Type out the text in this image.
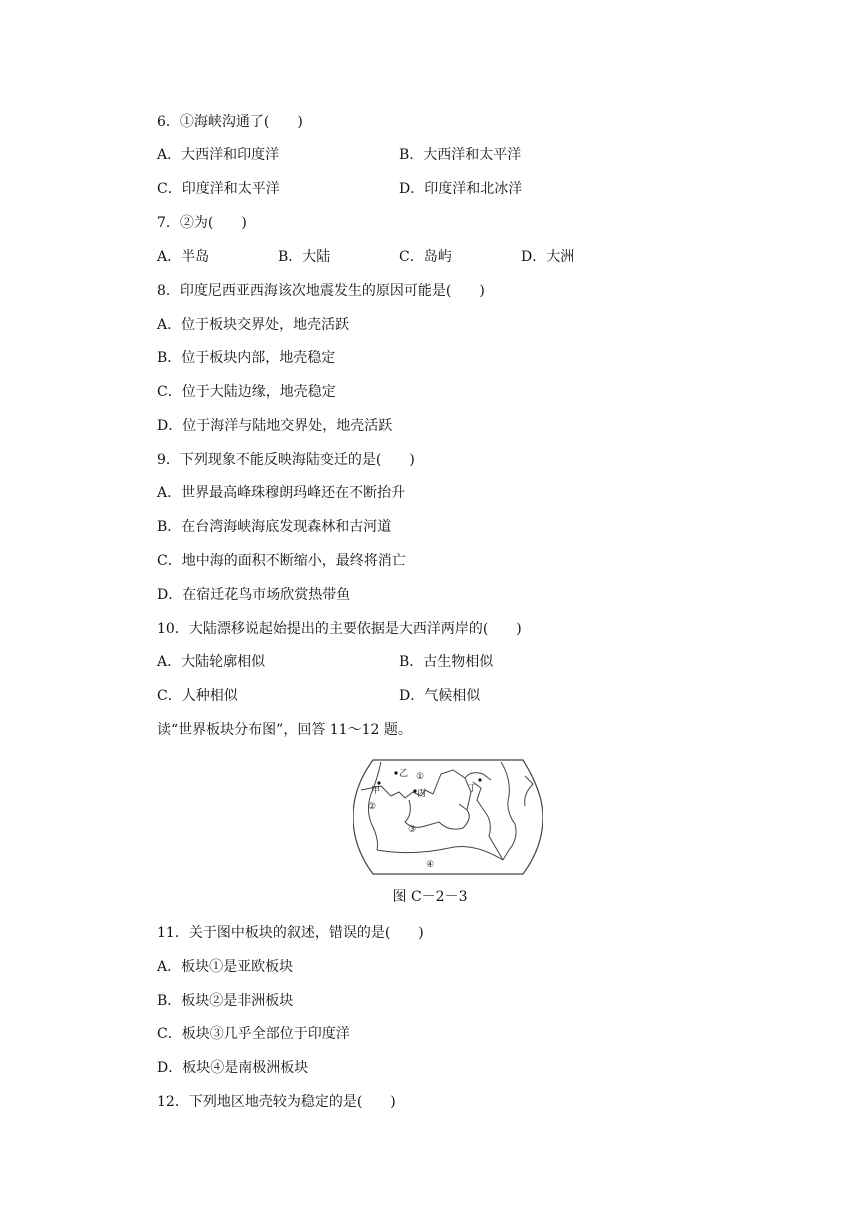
6．①海峡沟通了(　　)
A．大西洋和印度洋	B．大西洋和太平洋
C．印度洋和太平洋	D．印度洋和北冰洋
7．②为(　　)
A．半岛	B．大陆	C．岛屿	D．大洲
8．印度尼西亚西海该次地震发生的原因可能是(　　)
A．位于板块交界处，地壳活跃
B．位于板块内部，地壳稳定
C．位于大陆边缘，地壳稳定
D．位于海洋与陆地交界处，地壳活跃
9．下列现象不能反映海陆变迁的是(　　)
A．世界最高峰珠穆朗玛峰还在不断抬升
B．在台湾海峡海底发现森林和古河道
C．地中海的面积不断缩小，最终将消亡
D．在宿迁花鸟市场欣赏热带鱼
10．大陆漂移说起始提出的主要依据是大西洋两岸的(　　)
A．大陆轮廓相似	B．古生物相似
C．人种相似	D．气候相似
读“世界板块分布图”，回答 11～12 题。
乙 ①
甲	丙	丁
②
③
④
图 C－2－3
11．关于图中板块的叙述，错误的是(　　)
A．板块①是亚欧板块
B．板块②是非洲板块
C．板块③几乎全部位于印度洋
D．板块④是南极洲板块
12．下列地区地壳较为稳定的是(　　)
